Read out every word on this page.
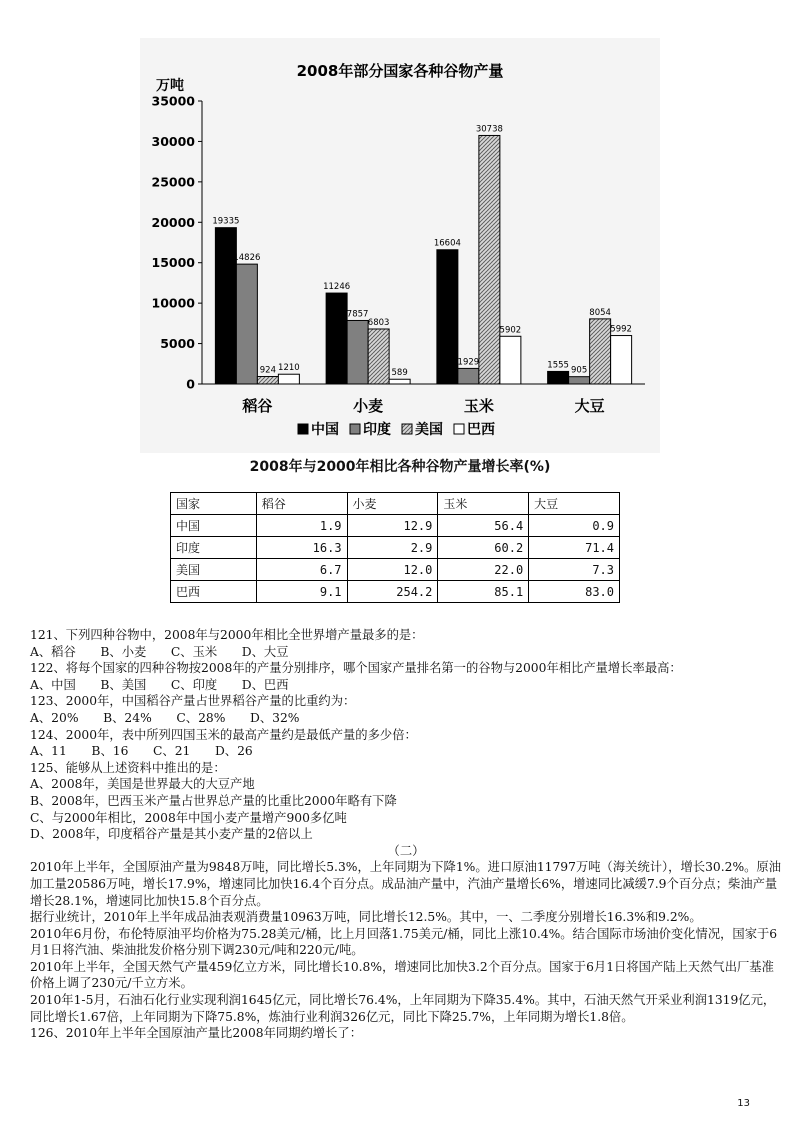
2008年部分国家各种谷物产量
万吨
0
5000
10000
15000
20000
25000
30000
35000
19335
14826
924 1210
稻谷
11246
7857
6803
589
小麦
16604
1929
30738
5902
玉米
1555
905
8054
5992
大豆
中国 印度 美国 巴西
2008年与2000年相比各种谷物产量增长率(%)
国家	稻谷	小麦	玉米	大豆
中国	1.9	12.9	56.4	0.9
印度	16.3	2.9	60.2	71.4
美国	6.7	12.0	22.0	7.3
巴西	9.1	254.2	85.1	83.0

121、下列四种谷物中，2008年与2000年相比全世界增产量最多的是：

A、稻谷　　B、小麦　　C、玉米　　D、大豆

122、将每个国家的四种谷物按2008年的产量分别排序，哪个国家产量排名第一的谷物与2000年相比产量增长率最高：

A、中国　　B、美国　　C、印度　　D、巴西

123、2000年，中国稻谷产量占世界稻谷产量的比重约为：

A、20%　　B、24%　　C、28%　　D、32%

124、2000年，表中所列四国玉米的最高产量约是最低产量的多少倍：

A、11　　B、16　　C、21　　D、26

125、能够从上述资料中推出的是：

A、2008年，美国是世界最大的大豆产地

B、2008年，巴西玉米产量占世界总产量的比重比2000年略有下降

C、与2000年相比，2008年中国小麦产量增产900多亿吨

D、2008年，印度稻谷产量是其小麦产量的2倍以上

（二）

2010年上半年，全国原油产量为9848万吨，同比增长5.3%，上年同期为下降1%。进口原油11797万吨（海关统计），增长30.2%。原油加工量20586万吨，增长17.9%，增速同比加快16.4个百分点。成品油产量中，汽油产量增长6%，增速同比减缓7.9个百分点；柴油产量增长28.1%，增速同比加快15.8个百分点。

据行业统计，2010年上半年成品油表观消费量10963万吨，同比增长12.5%。其中，一、二季度分别增长16.3%和9.2%。

2010年6月份，布伦特原油平均价格为75.28美元/桶，比上月回落1.75美元/桶，同比上涨10.4%。结合国际市场油价变化情况，国家于6月1日将汽油、柴油批发价格分别下调230元/吨和220元/吨。

2010年上半年，全国天然气产量459亿立方米，同比增长10.8%，增速同比加快3.2个百分点。国家于6月1日将国产陆上天然气出厂基准价格上调了230元/千立方米。

2010年1-5月，石油石化行业实现利润1645亿元，同比增长76.4%，上年同期为下降35.4%。其中，石油天然气开采业利润1319亿元，同比增长1.67倍，上年同期为下降75.8%，炼油行业利润326亿元，同比下降25.7%，上年同期为增长1.8倍。

126、2010年上半年全国原油产量比2008年同期约增长了：

13
